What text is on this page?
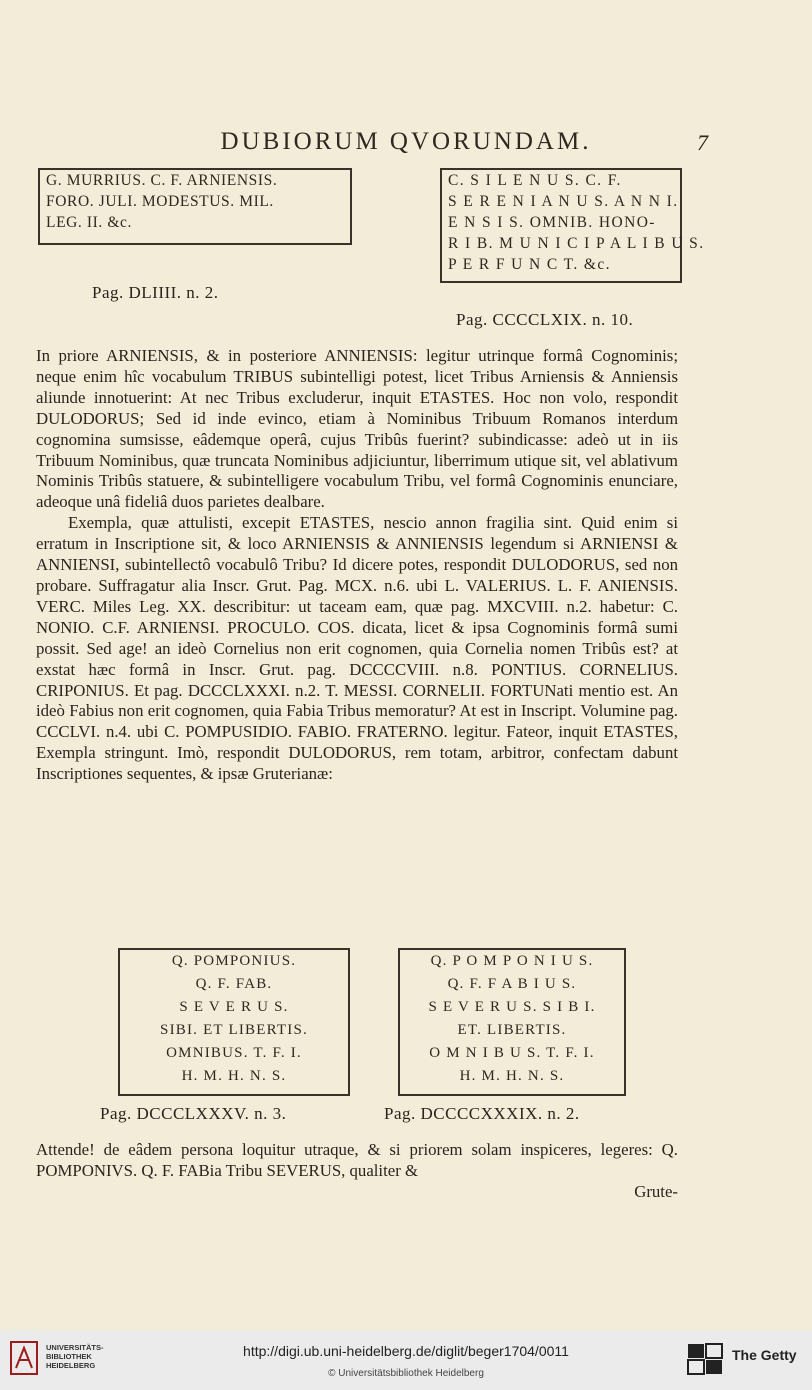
DUBIORUM QVORUNDAM.	7
G. MURRIUS. C. F. ARNIENSIS.
FORO. JULI. MODESTUS. MIL.
LEG. II. &c.
Pag. DLIIII. n. 2.
C. S I L E N U S. C. F.
S E R E N I A N U S. A N N I.
E N S I S. OMNIB. HONO-
R I B. M U N I C I P A L I B U S.
P E R F U N C T. &c.
Pag. CCCCLXIX. n. 10.

In priore ARNIENSIS, & in posteriore ANNIENSIS: legitur utrinque formâ Cognominis; neque enim hîc vocabulum TRIBUS subintelligi potest, licet Tribus Arniensis & Anniensis aliunde innotuerint: At nec Tribus excluderur, inquit ETASTES. Hoc non volo, respondit DULODORUS; Sed id inde evinco, etiam à Nominibus Tribuum Romanos interdum cognomina sumsisse, eâdemque operâ, cujus Tribûs fuerint? subindicasse: adeò ut in iis Tribuum Nominibus, quæ truncata Nominibus adjiciuntur, liberrimum utique sit, vel ablativum Nominis Tribûs statuere, & subintelligere vocabulum Tribu, vel formâ Cognominis enunciare, adeoque unâ fideliâ duos parietes dealbare.

Exempla, quæ attulisti, excepit ETASTES, nescio annon fragilia sint. Quid enim si erratum in Inscriptione sit, & loco ARNIENSIS & ANNIENSIS legendum si ARNIENSI & ANNIENSI, subintellectô vocabulô Tribu? Id dicere potes, respondit DULODORUS, sed non probare. Suffragatur alia Inscr. Grut. Pag. MCX. n.6. ubi L. VALERIUS. L. F. ANIENSIS. VERC. Miles Leg. XX. describitur: ut taceam eam, quæ pag. MXCVIII. n.2. habetur: C. NONIO. C.F. ARNIENSI. PROCULO. COS. dicata, licet & ipsa Cognominis formâ sumi possit. Sed age! an ideò Cornelius non erit cognomen, quia Cornelia nomen Tribûs est? at exstat hæc formâ in Inscr. Grut. pag. DCCCCVIII. n.8. PONTIUS. CORNELIUS. CRIPONIUS. Et pag. DCCCLXXXI. n.2. T. MESSI. CORNELII. FORTUNati mentio est. An ideò Fabius non erit cognomen, quia Fabia Tribus memoratur? At est in Inscript. Volumine pag. CCCLVI. n.4. ubi C. POMPUSIDIO. FABIO. FRATERNO. legitur. Fateor, inquit ETASTES, Exempla stringunt. Imò, respondit DULODORUS, rem totam, arbitror, confectam dabunt Inscriptiones sequentes, & ipsæ Gruterianæ:

Q. POMPONIUS.
Q. F. FAB.
S E V E R U S.
SIBI. ET LIBERTIS.
OMNIBUS. T. F. I.
H. M. H. N. S.
Pag. DCCCLXXXV. n. 3.
Q. P O M P O N I U S.
Q. F. F A B I U S.
S E V E R U S. S I B I.
ET. LIBERTIS.
O M N I B U S. T. F. I.
H. M. H. N. S.
Pag. DCCCCXXXIX. n. 2.

Attende! de eâdem persona loquitur utraque, & si priorem solam inspiceres, legeres: Q. POMPONIVS. Q. F. FABia Tribu SEVERUS, qualiter &

Grute-

UNIVERSITÄTS-
BIBLIOTHEK
HEIDELBERG
http://digi.ub.uni-heidelberg.de/diglit/beger1704/0011
© Universitätsbibliothek Heidelberg
The Getty
